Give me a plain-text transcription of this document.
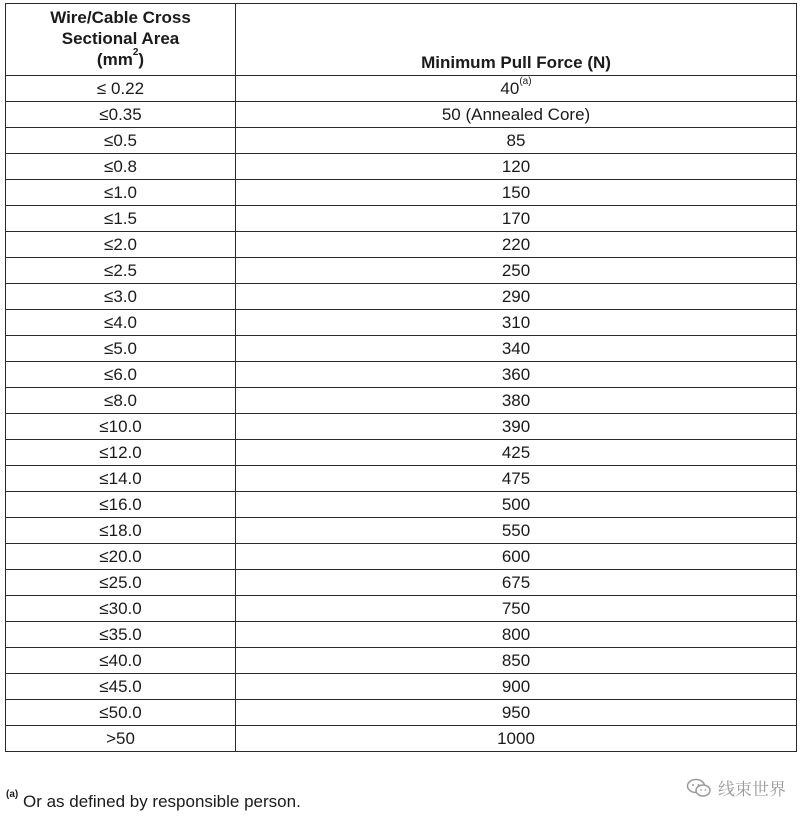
Wire/Cable Cross
Sectional Area
$(mm^2)$	Minimum Pull Force (N)
≤ 0.22	$40^{(a)}$
≤0.35	50 (Annealed Core)
≤0.5	85
≤0.8	120
≤1.0	150
≤1.5	170
≤2.0	220
≤2.5	250
≤3.0	290
≤4.0	310
≤5.0	340
≤6.0	360
≤8.0	380
≤10.0	390
≤12.0	425
≤14.0	475
≤16.0	500
≤18.0	550
≤20.0	600
≤25.0	675
≤30.0	750
≤35.0	800
≤40.0	850
≤45.0	900
≤50.0	950
>50	1000
$^{(a)}$ Or as defined by responsible person.
线束世界
